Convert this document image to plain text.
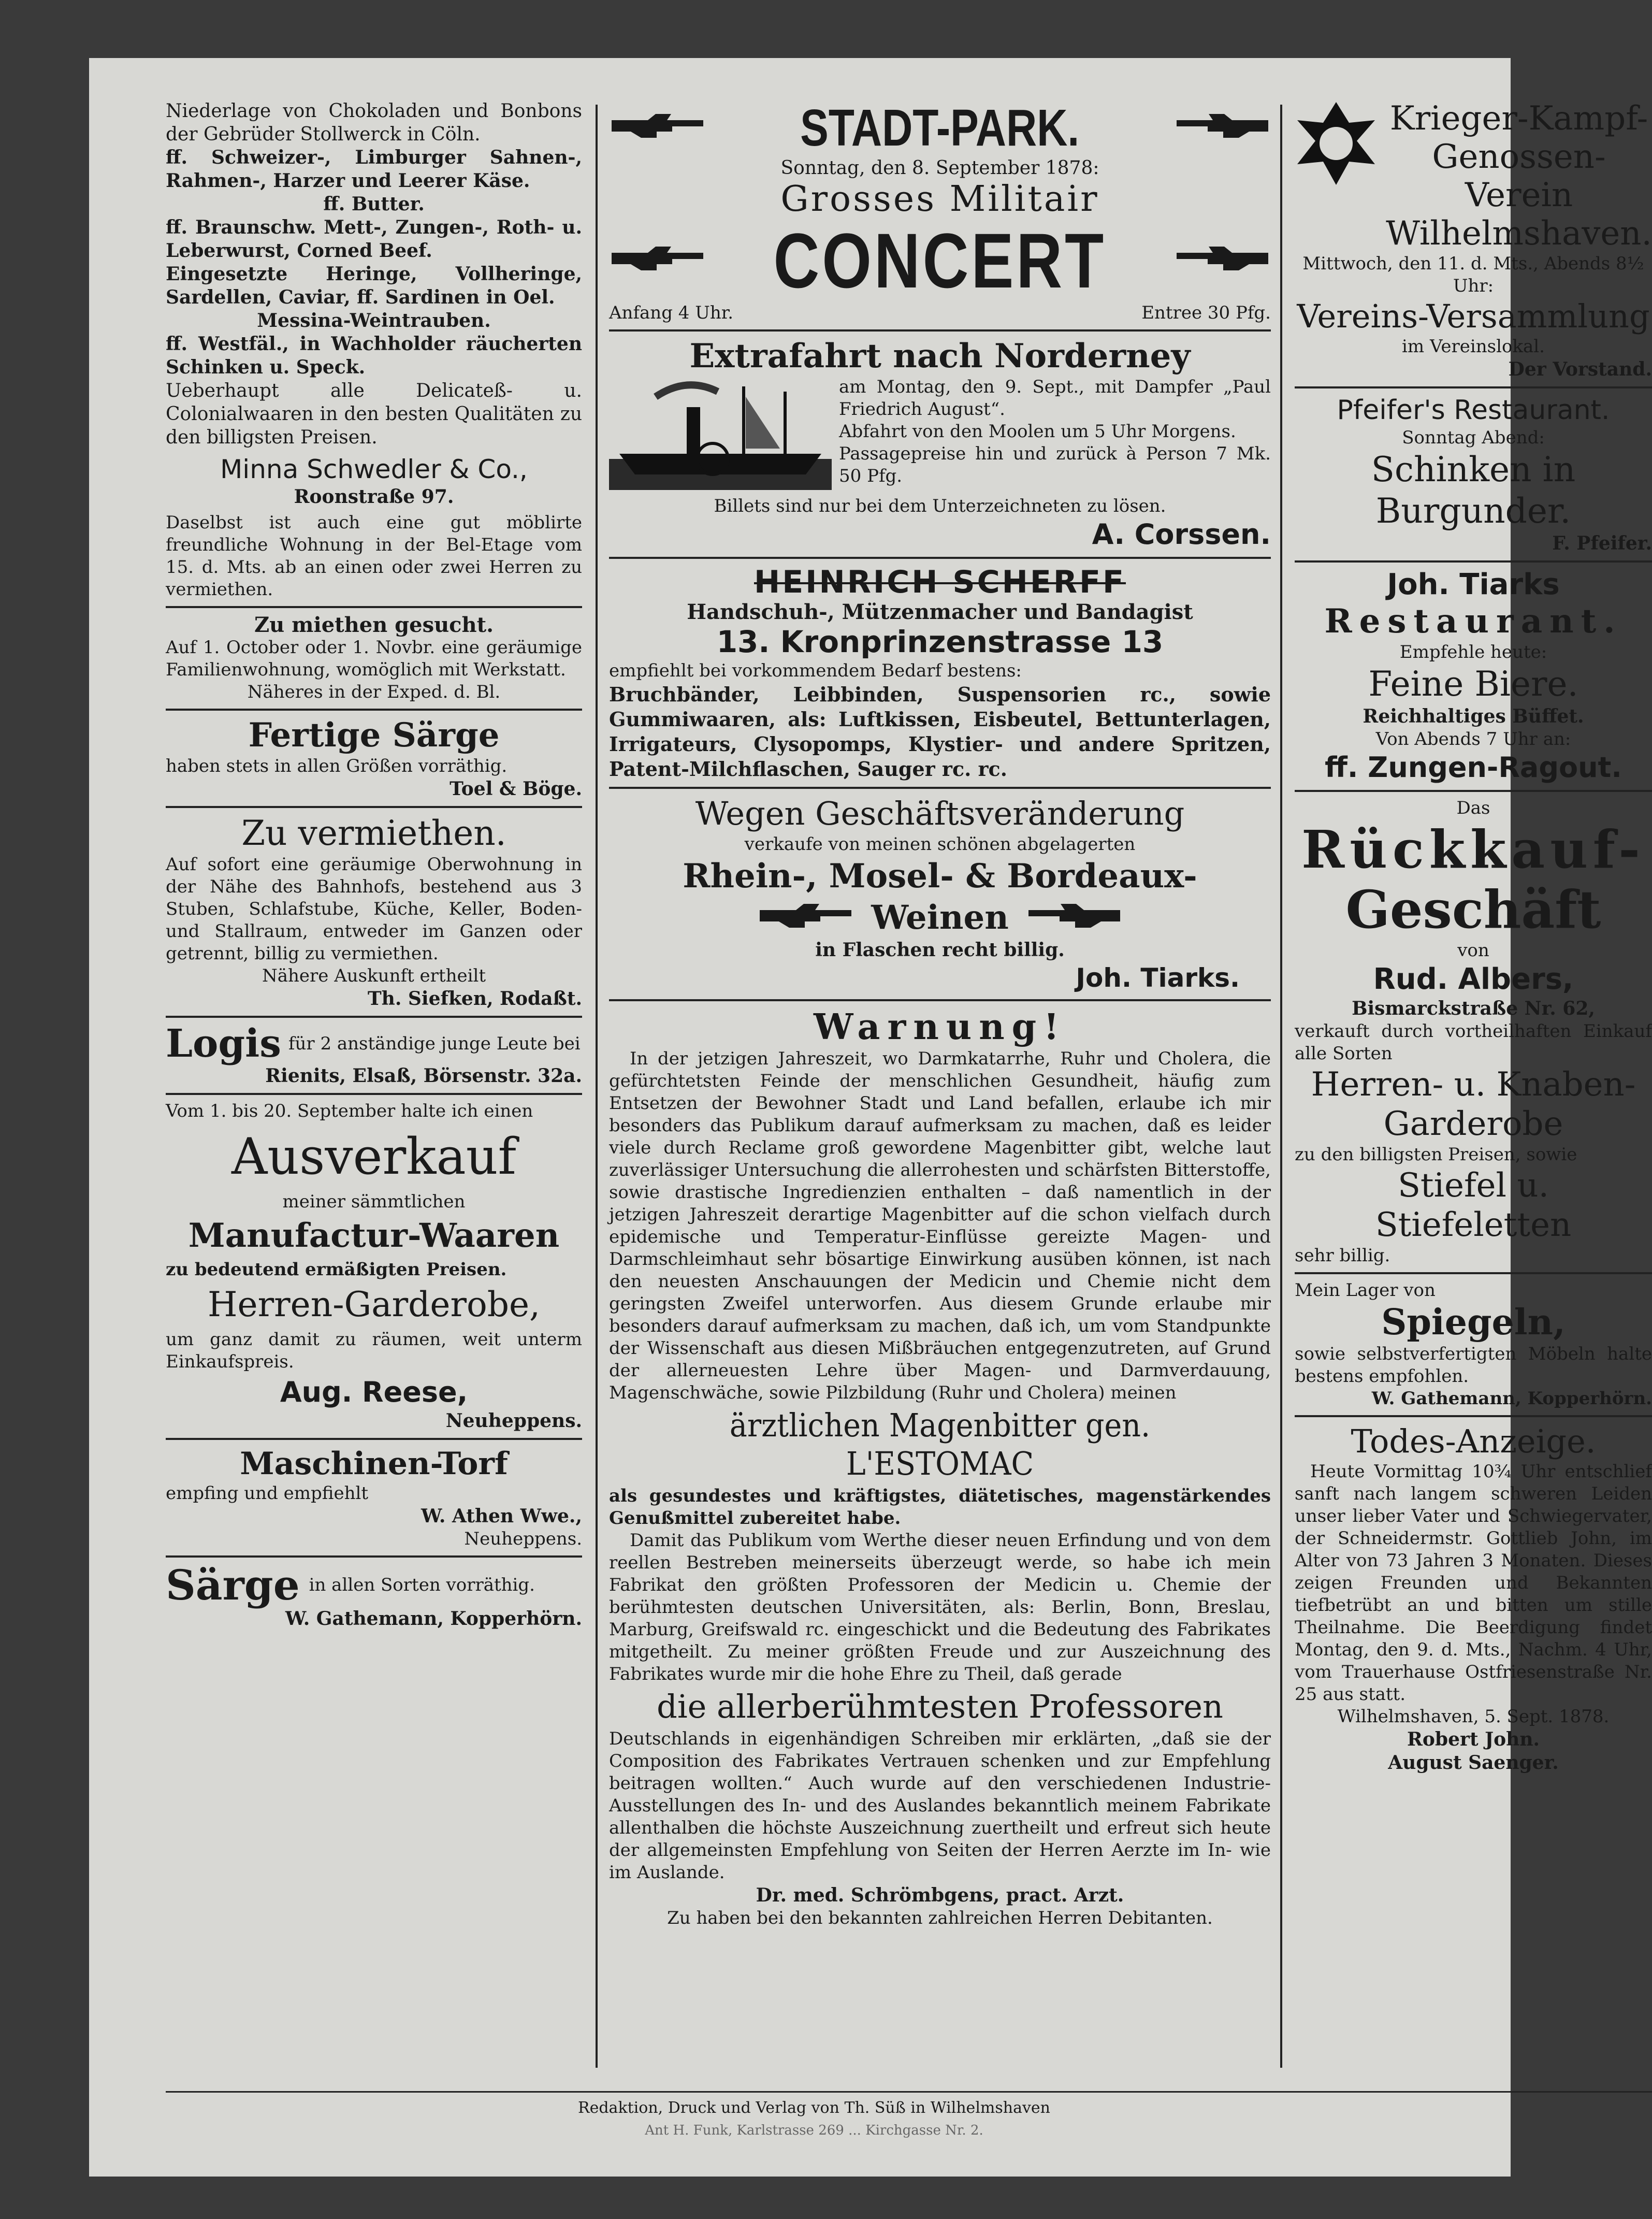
Niederlage von Chokoladen und Bonbons der Gebrüder Stollwerck in Cöln.

ff. Schweizer-, Limburger Sahnen-, Rahmen-, Harzer und Leerer Käse.

ff. Butter.

ff. Braunschw. Mett-, Zungen-, Roth- u. Leberwurst, Corned Beef.

Eingesetzte Heringe, Vollheringe, Sardellen, Caviar, ff. Sardinen in Oel.

Messina-Weintrauben.

ff. Westfäl., in Wachholder räucherten Schinken u. Speck.

Ueberhaupt alle Delicateß- u. Colonialwaaren in den besten Qualitäten zu den billigsten Preisen.

Minna Schwedler & Co.,

Roonstraße 97.

Daselbst ist auch eine gut möblirte freundliche Wohnung in der Bel-Etage vom 15. d. Mts. ab an einen oder zwei Herren zu vermiethen.

Zu miethen gesucht.

Auf 1. October oder 1. Novbr. eine geräumige Familienwohnung, womöglich mit Werkstatt.

Näheres in der Exped. d. Bl.

Fertige Särge

haben stets in allen Größen vorräthig.

Toel & Böge.

Zu vermiethen.

Auf sofort eine geräumige Oberwohnung in der Nähe des Bahnhofs, bestehend aus 3 Stuben, Schlafstube, Küche, Keller, Boden- und Stallraum, entweder im Ganzen oder getrennt, billig zu vermiethen.

Nähere Auskunft ertheilt

Th. Siefken, Rodaßt.

Logis für 2 anständige junge Leute bei

Rienits, Elsaß, Börsenstr. 32a.

Vom 1. bis 20. September halte ich einen

Ausverkauf

meiner sämmtlichen

Manufactur-Waaren

zu bedeutend ermäßigten Preisen.

Herren-Garderobe,

um ganz damit zu räumen, weit unterm Einkaufspreis.

Aug. Reese,

Neuheppens.

Maschinen-Torf

empfing und empfiehlt

W. Athen Wwe.,

Neuheppens.

Särge in allen Sorten vorräthig.

W. Gathemann, Kopperhörn.

STADT-PARK.

Sonntag, den 8. September 1878:

Grosses Militair

CONCERT
Anfang 4 Uhr.	Entree 30 Pfg.

Extrafahrt nach Norderney

am Montag, den 9. Sept., mit Dampfer „Paul Friedrich August“.

Abfahrt von den Moolen um 5 Uhr Morgens.

Passagepreise hin und zurück à Person 7 Mk. 50 Pfg.

Billets sind nur bei dem Unterzeichneten zu lösen.

A. Corssen.

HEINRICH SCHERFF

Handschuh-, Mützenmacher und Bandagist

13. Kronprinzenstrasse 13

empfiehlt bei vorkommendem Bedarf bestens:

Bruchbänder, Leibbinden, Suspensorien rc., sowie Gummiwaaren, als: Luftkissen, Eisbeutel, Bettunterlagen, Irrigateurs, Clysopomps, Klystier- und andere Spritzen, Patent-Milchflaschen, Sauger rc. rc.

Wegen Geschäftsveränderung

verkaufe von meinen schönen abgelagerten

Rhein-, Mosel- & Bordeaux-

Weinen

in Flaschen recht billig.

Joh. Tiarks.

Warnung!

In der jetzigen Jahreszeit, wo Darmkatarrhe, Ruhr und Cholera, die gefürchtetsten Feinde der menschlichen Gesundheit, häufig zum Entsetzen der Bewohner Stadt und Land befallen, erlaube ich mir besonders das Publikum darauf aufmerksam zu machen, daß es leider viele durch Reclame groß gewordene Magenbitter gibt, welche laut zuverlässiger Untersuchung die allerrohesten und schärfsten Bitterstoffe, sowie drastische Ingredienzien enthalten – daß namentlich in der jetzigen Jahreszeit derartige Magenbitter auf die schon vielfach durch epidemische und Temperatur-Einflüsse gereizte Magen- und Darmschleimhaut sehr bösartige Einwirkung ausüben können, ist nach den neuesten Anschauungen der Medicin und Chemie nicht dem geringsten Zweifel unterworfen. Aus diesem Grunde erlaube mir besonders darauf aufmerksam zu machen, daß ich, um vom Standpunkte der Wissenschaft aus diesen Mißbräuchen entgegenzutreten, auf Grund der allerneuesten Lehre über Magen- und Darmverdauung, Magenschwäche, sowie Pilzbildung (Ruhr und Cholera) meinen

ärztlichen Magenbitter gen. L'ESTOMAC

als gesundestes und kräftigstes, diätetisches, magenstärkendes Genußmittel zubereitet habe.

Damit das Publikum vom Werthe dieser neuen Erfindung und von dem reellen Bestreben meinerseits überzeugt werde, so habe ich mein Fabrikat den größten Professoren der Medicin u. Chemie der berühmtesten deutschen Universitäten, als: Berlin, Bonn, Breslau, Marburg, Greifswald rc. eingeschickt und die Bedeutung des Fabrikates mitgetheilt. Zu meiner größten Freude und zur Auszeichnung des Fabrikates wurde mir die hohe Ehre zu Theil, daß gerade

die allerberühmtesten Professoren

Deutschlands in eigenhändigen Schreiben mir erklärten, „daß sie der Composition des Fabrikates Vertrauen schenken und zur Empfehlung beitragen wollten.“ Auch wurde auf den verschiedenen Industrie-Ausstellungen des In- und des Auslandes bekanntlich meinem Fabrikate allenthalben die höchste Auszeichnung zuertheilt und erfreut sich heute der allgemeinsten Empfehlung von Seiten der Herren Aerzte im In- wie im Auslande.

Dr. med. Schrömbgens, pract. Arzt.

Zu haben bei den bekannten zahlreichen Herren Debitanten.

Krieger-Kampf-Genossen-Verein Wilhelmshaven.

Mittwoch, den 11. d. Mts., Abends 8½ Uhr:

Vereins-Versammlung

im Vereinslokal.

Der Vorstand.

Pfeifer's Restaurant.

Sonntag Abend:

Schinken in Burgunder.

F. Pfeifer.

Joh. Tiarks

Restaurant.

Empfehle heute:

Feine Biere.

Reichhaltiges Büffet.

Von Abends 7 Uhr an:

ff. Zungen-Ragout.

Das

Rückkauf-

Geschäft

von

Rud. Albers,

Bismarckstraße Nr. 62,

verkauft durch vortheilhaften Einkauf alle Sorten

Herren- u. Knaben-Garderobe

zu den billigsten Preisen, sowie

Stiefel u. Stiefeletten

sehr billig.

Mein Lager von

Spiegeln,

sowie selbstverfertigten Möbeln halte bestens empfohlen.

W. Gathemann, Kopperhörn.

Todes-Anzeige.

Heute Vormittag 10¾ Uhr entschlief sanft nach langem schweren Leiden unser lieber Vater und Schwiegervater, der Schneidermstr. Gottlieb John, im Alter von 73 Jahren 3 Monaten. Dieses zeigen Freunden und Bekannten tiefbetrübt an und bitten um stille Theilnahme. Die Beerdigung findet Montag, den 9. d. Mts., Nachm. 4 Uhr, vom Trauerhause Ostfriesenstraße Nr. 25 aus statt.

Wilhelmshaven, 5. Sept. 1878.

Robert John.

August Saenger.

Redaktion, Druck und Verlag von Th. Süß in Wilhelmshaven
Ant H. Funk, Karlstrasse 269 ... Kirchgasse Nr. 2.
